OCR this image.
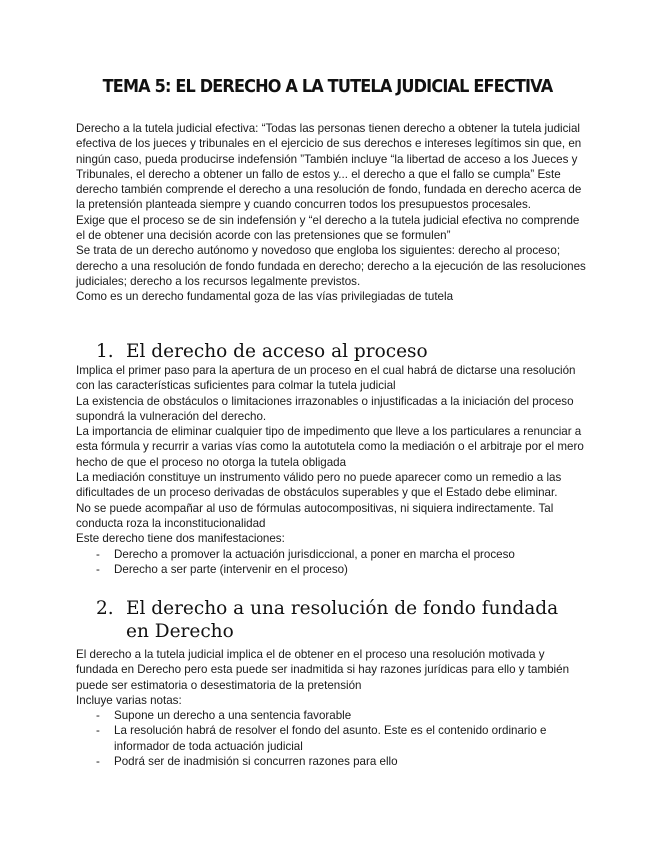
TEMA 5: EL DERECHO A LA TUTELA JUDICIAL EFECTIVA

Derecho a la tutela judicial efectiva: “Todas las personas tienen derecho a obtener la tutela judicial efectiva de los jueces y tribunales en el ejercicio de sus derechos e intereses legítimos sin que, en ningún caso, pueda producirse indefensión ”También incluye “la libertad de acceso a los Jueces y Tribunales, el derecho a obtener un fallo de estos y... el derecho a que el fallo se cumpla” Este derecho también comprende el derecho a una resolución de fondo, fundada en derecho acerca de la pretensión planteada siempre y cuando concurren todos los presupuestos procesales.

Exige que el proceso se de sin indefensión y “el derecho a la tutela judicial efectiva no comprende el de obtener una decisión acorde con las pretensiones que se formulen”

Se trata de un derecho autónomo y novedoso que engloba los siguientes: derecho al proceso; derecho a una resolución de fondo fundada en derecho; derecho a la ejecución de las resoluciones judiciales; derecho a los recursos legalmente previstos.

Como es un derecho fundamental goza de las vías privilegiadas de tutela

1. El derecho de acceso al proceso

Implica el primer paso para la apertura de un proceso en el cual habrá de dictarse una resolución con las características suficientes para colmar la tutela judicial

La existencia de obstáculos o limitaciones irrazonables o injustificadas a la iniciación del proceso supondrá la vulneración del derecho.

La importancia de eliminar cualquier tipo de impedimento que lleve a los particulares a renunciar a esta fórmula y recurrir a varias vías como la autotutela como la mediación o el arbitraje por el mero hecho de que el proceso no otorga la tutela obligada

La mediación constituye un instrumento válido pero no puede aparecer como un remedio a las dificultades de un proceso derivadas de obstáculos superables y que el Estado debe eliminar.

No se puede acompañar al uso de fórmulas autocompositivas, ni siquiera indirectamente. Tal conducta roza la inconstitucionalidad

Este derecho tiene dos manifestaciones:

- Derecho a promover la actuación jurisdiccional, a poner en marcha el proceso
- Derecho a ser parte (intervenir en el proceso)
2. El derecho a una resolución de fondo fundada en Derecho

El derecho a la tutela judicial implica el de obtener en el proceso una resolución motivada y fundada en Derecho pero esta puede ser inadmitida si hay razones jurídicas para ello y también puede ser estimatoria o desestimatoria de la pretensión

Incluye varias notas:

- Supone un derecho a una sentencia favorable
- La resolución habrá de resolver el fondo del asunto. Este es el contenido ordinario e informador de toda actuación judicial
- Podrá ser de inadmisión si concurren razones para ello
